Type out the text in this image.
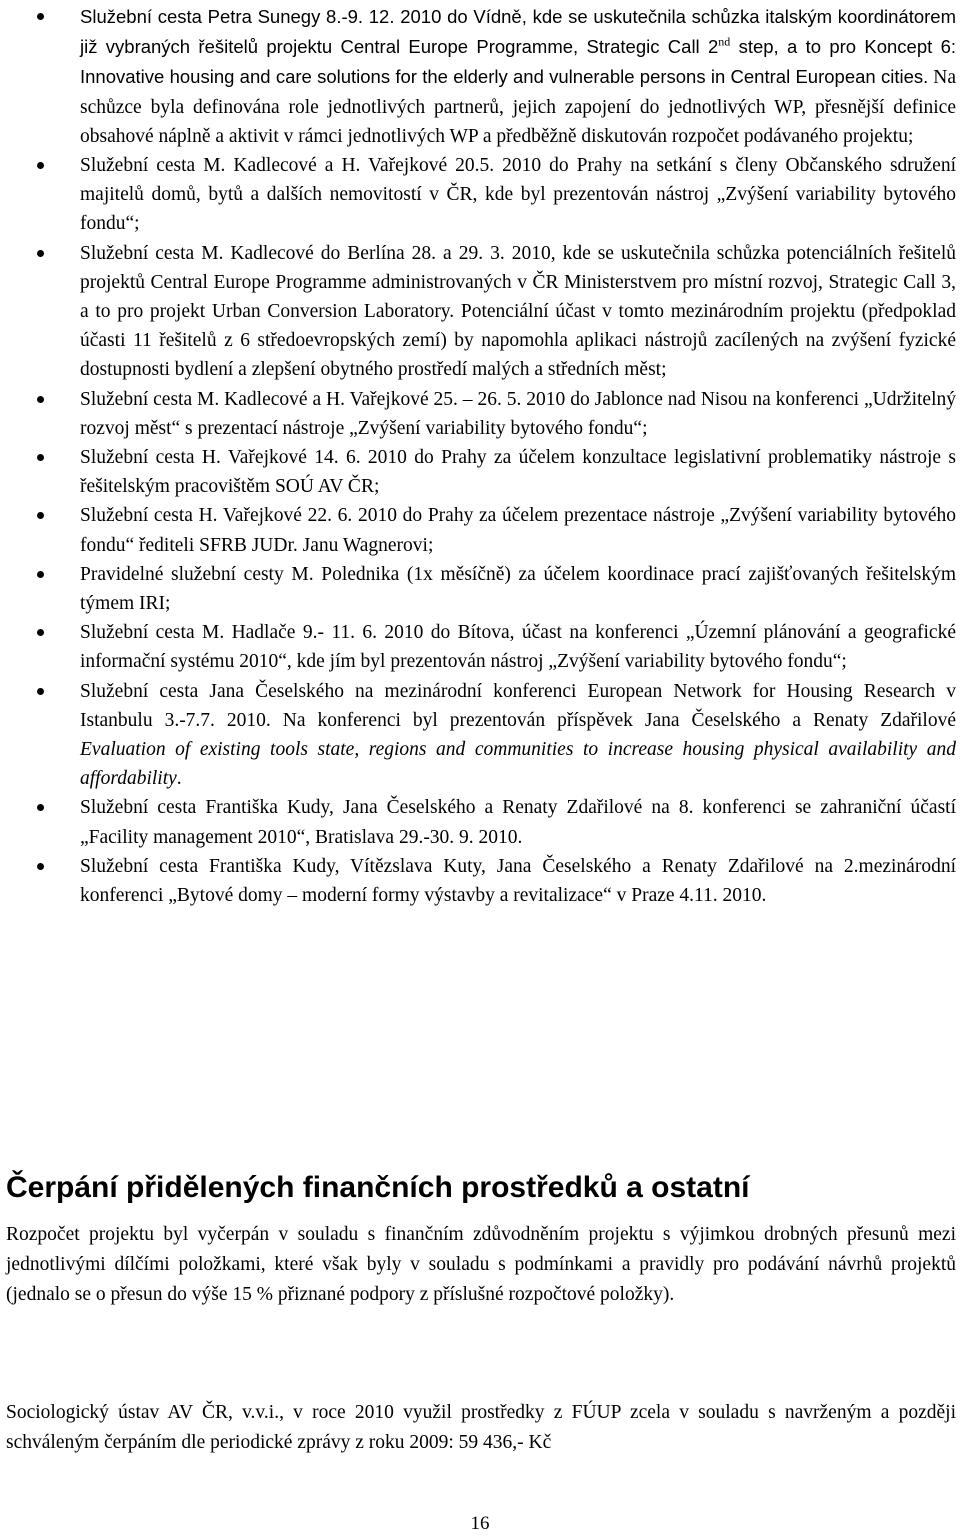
Služební cesta Petra Sunegy 8.-9. 12. 2010 do Vídně, kde se uskutečnila schůzka italským koordinátorem již vybraných řešitelů projektu Central Europe Programme, Strategic Call 2nd step, a to pro Koncept 6: Innovative housing and care solutions for the elderly and vulnerable persons in Central European cities. Na schůzce byla definována role jednotlivých partnerů, jejich zapojení do jednotlivých WP, přesnější definice obsahové náplně a aktivit v rámci jednotlivých WP a předběžně diskutován rozpočet podávaného projektu;
Služební cesta M. Kadlecové a H. Vařejkové 20.5. 2010 do Prahy na setkání s členy Občanského sdružení majitelů domů, bytů a dalších nemovitostí v ČR, kde byl prezentován nástroj „Zvýšení variability bytového fondu“;
Služební cesta M. Kadlecové do Berlína 28. a 29. 3. 2010, kde se uskutečnila schůzka potenciálních řešitelů projektů Central Europe Programme administrovaných v ČR Ministerstvem pro místní rozvoj, Strategic Call 3, a to pro projekt Urban Conversion Laboratory. Potenciální účast v tomto mezinárodním projektu (předpoklad účasti 11 řešitelů z 6 středoevropských zemí) by napomohla aplikaci nástrojů zacílených na zvýšení fyzické dostupnosti bydlení a zlepšení obytného prostředí malých a středních měst;
Služební cesta M. Kadlecové a H. Vařejkové 25. – 26. 5. 2010 do Jablonce nad Nisou na konferenci „Udržitelný rozvoj měst“ s prezentací nástroje „Zvýšení variability bytového fondu“;
Služební cesta H. Vařejkové 14. 6. 2010 do Prahy za účelem konzultace legislativní problematiky nástroje s řešitelským pracovištěm SOÚ AV ČR;
Služební cesta H. Vařejkové 22. 6. 2010 do Prahy za účelem prezentace nástroje „Zvýšení variability bytového fondu“ řediteli SFRB JUDr. Janu Wagnerovi;
Pravidelné služební cesty M. Polednika (1x měsíčně) za účelem koordinace prací zajišťovaných řešitelským týmem IRI;
Služební cesta M. Hadlače 9.- 11. 6. 2010 do Bítova, účast na konferenci „Územní plánování a geografické informační systému 2010“, kde jím byl prezentován nástroj „Zvýšení variability bytového fondu“;
Služební cesta Jana Česelského na mezinárodní konferenci European Network for Housing Research v Istanbulu 3.-7.7. 2010. Na konferenci byl prezentován příspěvek Jana Česelského a Renaty Zdařilové Evaluation of existing tools state, regions and communities to increase housing physical availability and affordability.
Služební cesta Františka Kudy, Jana Česelského a Renaty Zdařilové na 8. konferenci se zahraniční účastí „Facility management 2010“, Bratislava 29.-30. 9. 2010.
Služební cesta Františka Kudy, Vítězslava Kuty, Jana Česelského a Renaty Zdařilové na 2.mezinárodní konferenci „Bytové domy – moderní formy výstavby a revitalizace“ v Praze 4.11. 2010.
Čerpání přidělených finančních prostředků a ostatní

Rozpočet projektu byl vyčerpán v souladu s finančním zdůvodněním projektu s výjimkou drobných přesunů mezi jednotlivými dílčími položkami, které však byly v souladu s podmínkami a pravidly pro podávání návrhů projektů (jednalo se o přesun do výše 15 % přiznané podpory z příslušné rozpočtové položky).

Sociologický ústav AV ČR, v.v.i., v roce 2010 využil prostředky z FÚUP zcela v souladu s navrženým a později schváleným čerpáním dle periodické zprávy z roku 2009: 59 436,- Kč

16
